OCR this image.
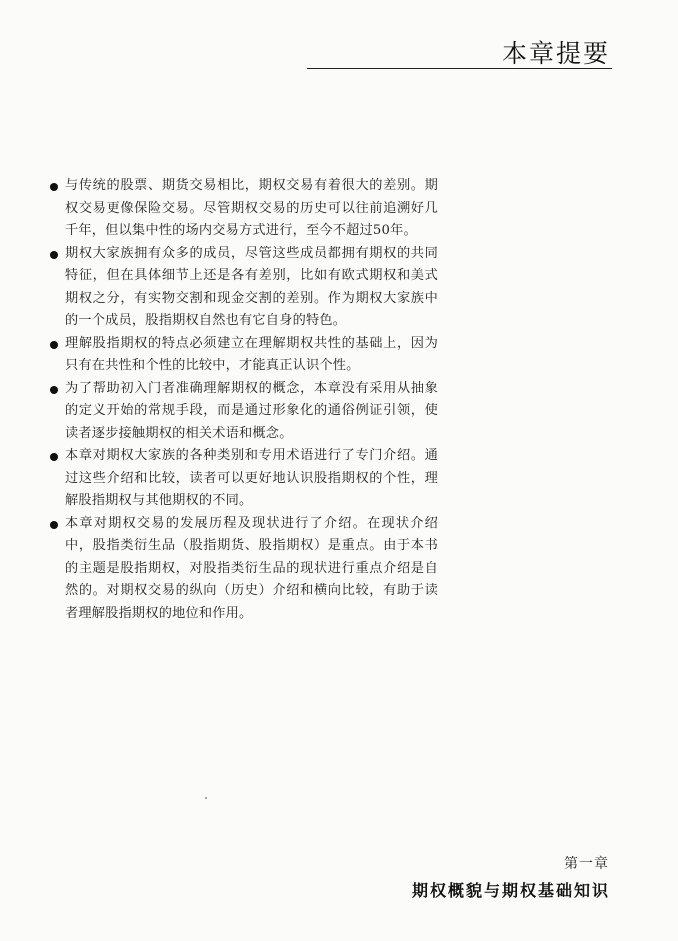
本章提要
与传统的股票、期货交易相比，期权交易有着很大的差别。期权交易更像保险交易。尽管期权交易的历史可以往前追溯好几千年，但以集中性的场内交易方式进行，至今不超过50年。
期权大家族拥有众多的成员，尽管这些成员都拥有期权的共同特征，但在具体细节上还是各有差别，比如有欧式期权和美式期权之分，有实物交割和现金交割的差别。作为期权大家族中的一个成员，股指期权自然也有它自身的特色。
理解股指期权的特点必须建立在理解期权共性的基础上，因为只有在共性和个性的比较中，才能真正认识个性。
为了帮助初入门者准确理解期权的概念，本章没有采用从抽象的定义开始的常规手段，而是通过形象化的通俗例证引领，使读者逐步接触期权的相关术语和概念。
本章对期权大家族的各种类别和专用术语进行了专门介绍。通过这些介绍和比较，读者可以更好地认识股指期权的个性，理解股指期权与其他期权的不同。
本章对期权交易的发展历程及现状进行了介绍。在现状介绍中，股指类衍生品（股指期货、股指期权）是重点。由于本书的主题是股指期权，对股指类衍生品的现状进行重点介绍是自然的。对期权交易的纵向（历史）介绍和横向比较，有助于读者理解股指期权的地位和作用。
第一章
期权概貌与期权基础知识
